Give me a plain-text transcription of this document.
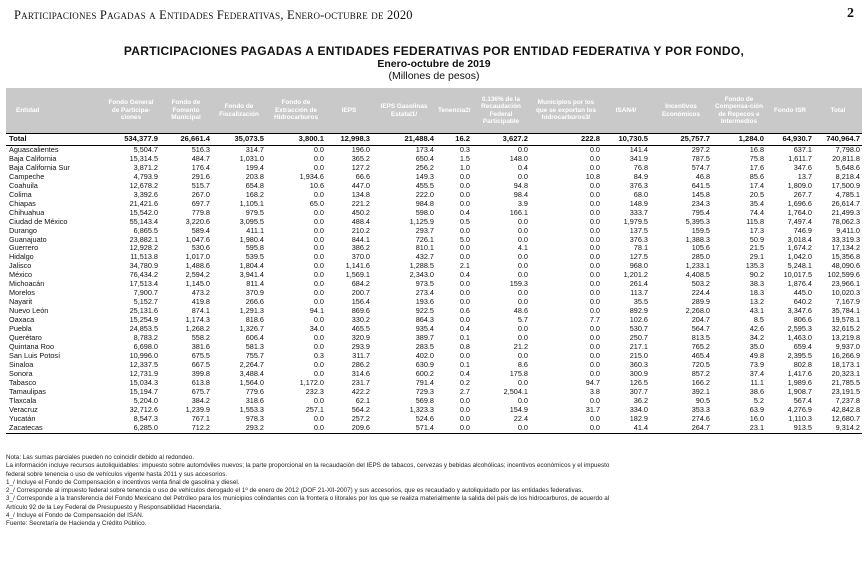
Participaciones Pagadas a Entidades Federativas, Enero-octubre de 2020	2
PARTICIPACIONES PAGADAS A ENTIDADES FEDERATIVAS POR ENTIDAD FEDERATIVA Y POR FONDO,
Enero-octubre de 2019
(Millones de pesos)
Entidad	Fondo General de Participa-ciones	Fondo de Fomento Municipal	Fondo de Fiscalización	Fondo de Extracción de Hidrocarburos	IEPS	IEPS Gasolinas Estatal1/	Tenencia2/	0.136% de la Recaudación Federal Participable	Municipios por los que se exportan los hidrocarburos3/	ISAN4/	Incentivos Económicos	Fondo de Compensa-ción de Repecos e Intermedios	Fondo ISR	Total
Total	534,377.9	26,661.4	35,073.5	3,800.1	12,998.3	21,488.4	16.2	3,627.2	222.8	10,730.5	25,757.7	1,284.0	64,930.7	740,964.7
Aguascalientes	5,504.7	516.3	314.7	0.0	196.0	173.4	0.3	0.0	0.0	141.4	297.2	16.8	637.1	7,798.0
Baja California	15,314.5	484.7	1,031.0	0.0	365.2	650.4	1.5	148.0	0.0	341.9	787.5	75.8	1,611.7	20,811.8
Baja California Sur	3,871.2	176.4	199.4	0.0	127.2	256.2	1.0	0.4	0.0	76.8	574.7	17.6	347.6	5,648.6
Campeche	4,793.9	291.6	203.8	1,934.6	66.6	149.3	0.0	0.0	10.8	84.9	46.8	85.6	13.7	8,218.4
Coahuila	12,678.2	515.7	654.8	10.6	447.0	455.5	0.0	94.8	0.0	376.3	641.5	17.4	1,809.0	17,500.9
Colima	3,392.6	267.0	168.2	0.0	134.8	222.0	0.0	98.4	0.0	68.0	145.8	20.5	267.7	4,785.1
Chiapas	21,421.6	697.7	1,105.1	65.0	221.2	984.8	0.0	3.9	0.0	148.9	234.3	35.4	1,696.6	26,614.7
Chihuahua	15,542.0	779.8	979.5	0.0	450.2	598.0	0.4	166.1	0.0	333.7	795.4	74.4	1,764.0	21,499.3
Ciudad de México	55,143.4	3,220.6	3,095.5	0.0	488.4	1,125.9	0.5	0.0	0.0	1,979.5	5,395.3	115.8	7,497.4	78,062.3
Durango	6,865.5	589.4	411.1	0.0	210.2	293.7	0.0	0.0	0.0	137.5	159.5	17.3	746.9	9,411.0
Guanajuato	23,882.1	1,047.6	1,980.4	0.0	844.1	726.1	5.0	0.0	0.0	376.3	1,388.3	50.9	3,018.4	33,319.3
Guerrero	12,928.2	530.6	595.8	0.0	386.2	810.1	0.0	4.1	0.0	78.1	105.6	21.5	1,674.2	17,134.2
Hidalgo	11,513.8	1,017.0	539.5	0.0	370.0	432.7	0.0	0.0	0.0	127.5	285.0	29.1	1,042.0	15,356.8
Jalisco	34,780.9	1,488.6	1,804.4	0.0	1,141.6	1,288.5	2.1	0.0	0.0	968.0	1,233.1	135.3	5,248.1	48,090.6
México	76,434.2	2,594.2	3,941.4	0.0	1,569.1	2,343.0	0.4	0.0	0.0	1,201.2	4,408.5	90.2	10,017.5	102,599.6
Michoacán	17,513.4	1,145.0	811.4	0.0	684.2	973.5	0.0	159.3	0.0	261.4	503.2	38.3	1,876.4	23,966.1
Morelos	7,900.7	473.2	370.9	0.0	200.7	273.4	0.0	0.0	0.0	113.7	224.4	18.3	445.0	10,020.3
Nayarit	5,152.7	419.8	266.6	0.0	156.4	193.6	0.0	0.0	0.0	35.5	289.9	13.2	640.2	7,167.9
Nuevo León	25,131.6	874.1	1,291.3	94.1	869.6	922.5	0.6	48.6	0.0	892.9	2,268.0	43.1	3,347.6	35,784.1
Oaxaca	15,254.9	1,174.3	818.6	0.0	330.2	864.3	0.0	5.7	7.7	102.6	204.7	8.5	806.6	19,578.1
Puebla	24,853.5	1,268.2	1,326.7	34.0	465.5	935.4	0.4	0.0	0.0	530.7	564.7	42.6	2,595.3	32,615.2
Querétaro	8,783.2	558.2	606.4	0.0	320.9	389.7	0.1	0.0	0.0	250.7	813.5	34.2	1,463.0	13,219.8
Quintana Roo	6,698.0	381.6	581.3	0.0	293.9	283.5	0.8	21.2	0.0	217.1	765.2	35.0	659.4	9,937.0
San Luis Potosí	10,996.0	675.5	755.7	0.3	311.7	402.0	0.0	0.0	0.0	215.0	465.4	49.8	2,395.5	16,266.9
Sinaloa	12,337.5	667.5	2,264.7	0.0	286.2	630.9	0.1	8.6	0.0	360.3	720.5	73.9	802.8	18,173.1
Sonora	12,731.9	399.8	3,488.4	0.0	314.6	600.2	0.4	175.8	0.0	300.9	857.2	37.4	1,417.6	20,323.1
Tabasco	15,034.3	613.8	1,564.0	1,172.0	231.7	791.4	0.2	0.0	94.7	126.5	166.2	11.1	1,989.6	21,785.5
Tamaulipas	15,194.7	675.7	779.6	232.3	422.2	729.3	2.7	2,504.1	3.8	307.7	392.1	38.6	1,908.7	23,191.5
Tlaxcala	5,204.0	384.2	318.6	0.0	62.1	569.8	0.0	0.0	0.0	36.2	90.5	5.2	567.4	7,237.8
Veracruz	32,712.6	1,239.9	1,553.3	257.1	564.2	1,323.3	0.0	154.9	31.7	334.0	353.3	63.9	4,276.9	42,842.8
Yucatán	8,547.3	767.1	978.3	0.0	257.2	524.6	0.0	22.4	0.0	182.9	274.6	16.0	1,110.3	12,680.7
Zacatecas	6,285.0	712.2	293.2	0.0	209.6	571.4	0.0	0.0	0.0	41.4	264.7	23.1	913.5	9,314.2
Nota: Las sumas parciales pueden no coincidir debido al redondeo.
La información incluye recursos autoliquidables: impuesto sobre automóviles nuevos; la parte proporcional en la recaudación del IEPS de tabacos, cervezas y bebidas alcohólicas; incentivos económicos y el impuesto
federal sobre tenencia o uso de vehículos vigente hasta 2011 y sus accesorios.
1_/ Incluye el Fondo de Compensación e incentivos venta final de gasolina y diesel.
2_/ Corresponde al impuesto federal sobre tenencia o uso de vehículos derogado el 1º de enero de 2012 (DOF 21-XII-2007) y sus accesorios, que es recaudado y autoliquidado por las entidades federativas.
3_/ Corresponde a la transferencia del Fondo Mexicano del Petróleo para los municipios colindantes con la frontera o litorales por los que se realiza materialmente la salida del país de los hidrocarburos, de acuerdo al
Artículo 92 de la Ley Federal de Presupuesto y Responsabilidad Hacendaria.
4_/ Incluye el Fondo de Compensación del ISAN.
Fuente: Secretaría de Hacienda y Crédito Público.
